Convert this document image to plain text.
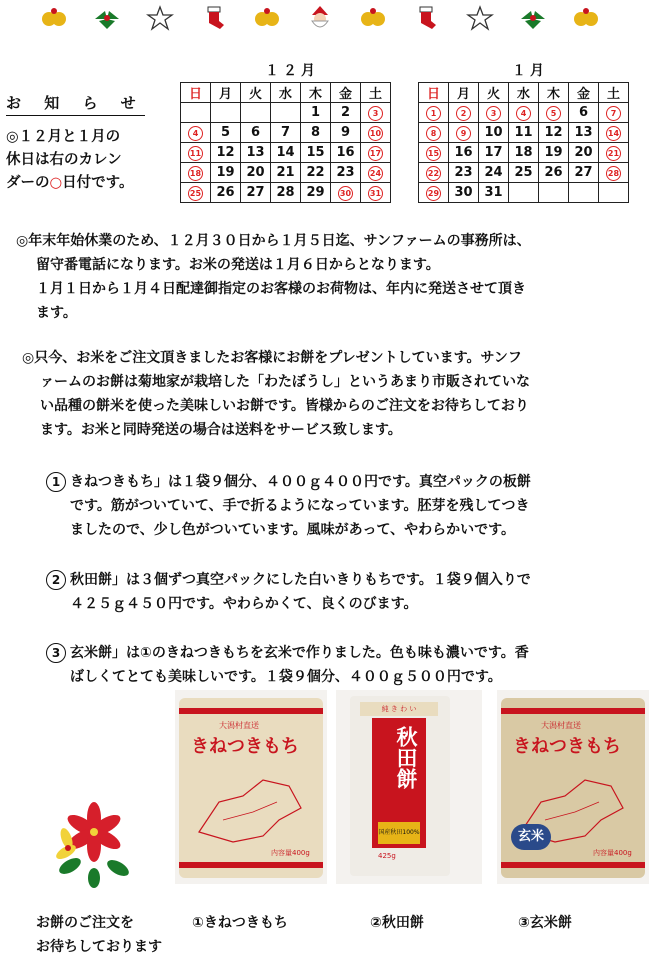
お 知 ら せ
◎１２月と１月の
休日は右のカレン
ダーの○日付です。
１２月
日	月	火	水	木	金	土
				1	2	3
4	5	6	7	8	9	10
11	12	13	14	15	16	17
18	19	20	21	22	23	24
25	26	27	28	29	30	31
１月
日	月	火	水	木	金	土
1	2	3	4	5	6	7
8	9	10	11	12	13	14
15	16	17	18	19	20	21
22	23	24	25	26	27	28
29	30	31				
◎年末年始休業のため、１２月３０日から１月５日迄、サンファームの事務所は、
留守番電話になります。お米の発送は１月６日からとなります。
１月１日から１月４日配達御指定のお客様のお荷物は、年内に発送させて頂き
ます。
◎只今、お米をご注文頂きましたお客様にお餅をプレゼントしています。サンフ
ァームのお餅は菊地家が栽培した「わたぼうし」というあまり市販されていな
い品種の餅米を使った美味しいお餅です。皆様からのご注文をお待ちしており
ます。お米と同時発送の場合は送料をサービス致します。
1 きねつきもち」は１袋９個分、４００ｇ４００円です。真空パックの板餅
です。筋がついていて、手で折るようになっています。胚芽を残してつき
ましたので、少し色がついています。風味があって、やわらかいです。
2 秋田餅」は３個ずつ真空パックにした白いきりもちです。１袋９個入りで
４２５ｇ４５０円です。やわらかくて、良くのびます。
3 玄米餅」は①のきねつきもちを玄米で作りました。色も味も濃いです。香
ばしくてとても美味しいです。１袋９個分、４００ｇ５００円です。
大潟村直送
きねつきもち
内容量400g
純 き わ い
秋田餅
国産秋田100%
425g
大潟村直送
きねつきもち
玄米
内容量400g
お餅のご注文を
お待ちしております
①きねつきもち	②秋田餅	③玄米餅
